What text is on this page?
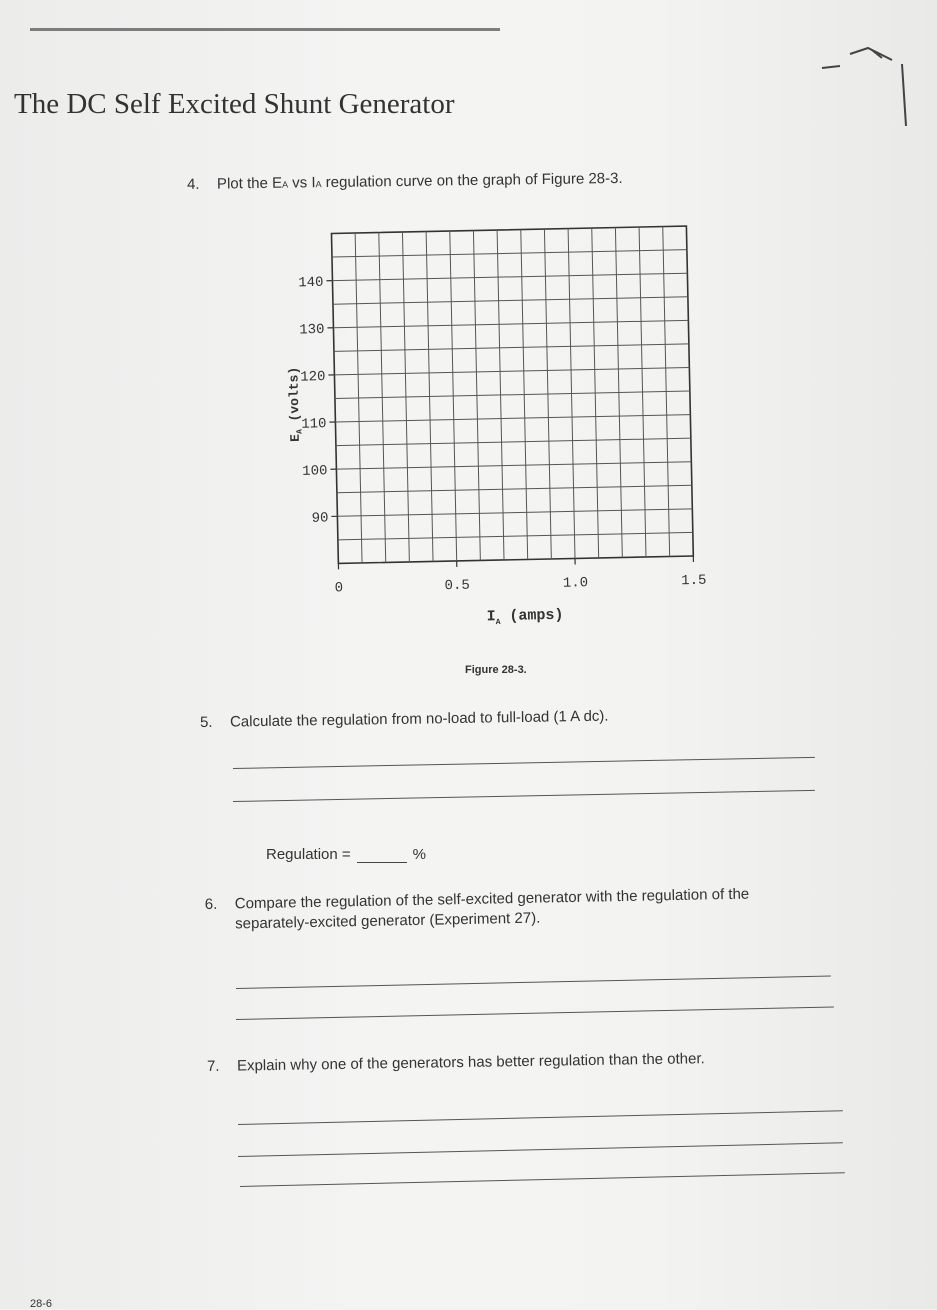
The DC Self Excited Shunt Generator
4. Plot the EA vs IA regulation curve on the graph of Figure 28-3.
90
100
110
120
130
140
0	0.5	1.0	1.5
$E_A$ (volts)
$I_A$ (amps)
Figure 28-3.
5. Calculate the regulation from no-load to full-load (1 A dc).
Regulation =	%
6. Compare the regulation of the self-excited generator with the regulation of the
separately-excited generator (Experiment 27).
7. Explain why one of the generators has better regulation than the other.
28-6
